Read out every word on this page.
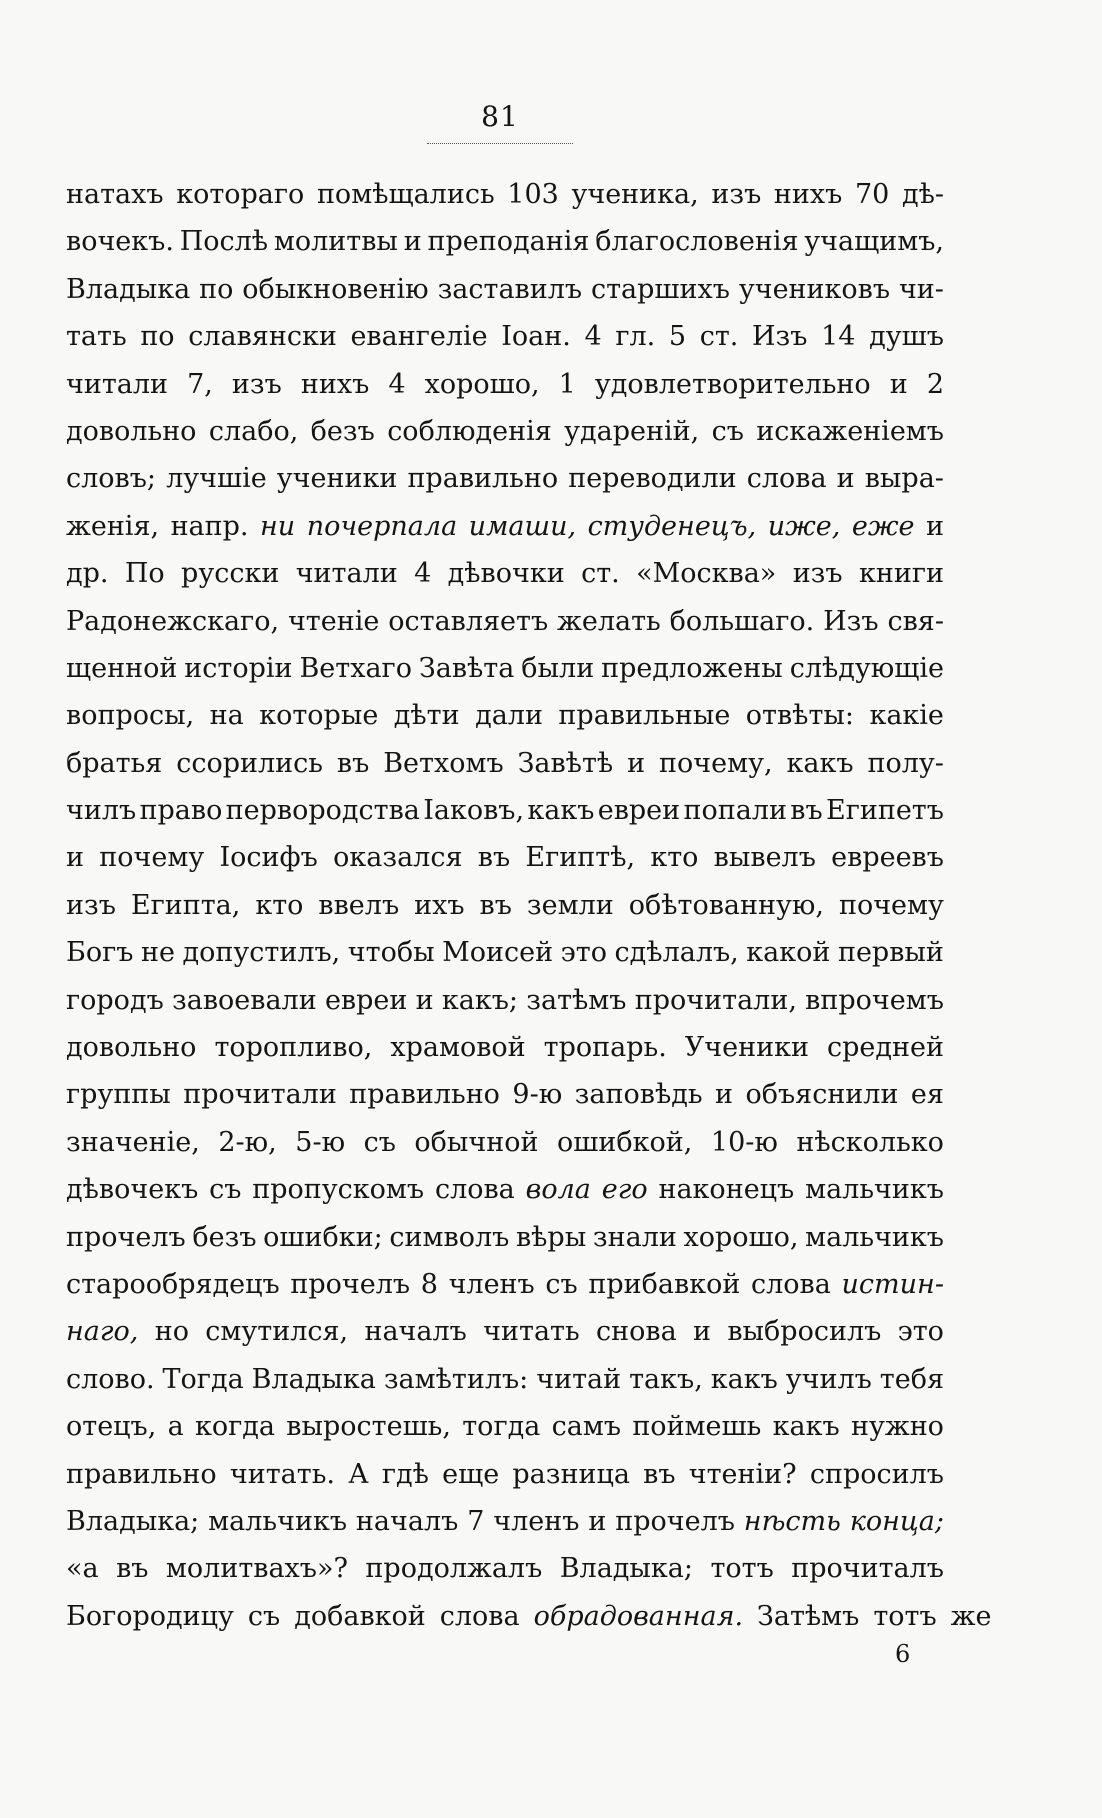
81
натахъ котораго помѣщались 103 ученика, изъ нихъ 70 дѣ-
вочекъ. Послѣ молитвы и преподанія благословенія учащимъ,
Владыка по обыкновенію заставилъ старшихъ учениковъ чи-
тать по славянски евангеліе Іоан. 4 гл. 5 ст. Изъ 14 душъ
читали 7, изъ нихъ 4 хорошо, 1 удовлетворительно и 2
довольно слабо, безъ соблюденія удареній, съ искаженіемъ
словъ; лучшіе ученики правильно переводили слова и выра-
женія, напр. ни почерпала имаши, студенецъ, иже, еже и
др. По русски читали 4 дѣвочки ст. «Москва» изъ книги
Радонежскаго, чтеніе оставляетъ желать большаго. Изъ свя-
щенной исторіи Ветхаго Завѣта были предложены слѣдующіе
вопросы, на которые дѣти дали правильные отвѣты: какіе
братья ссорились въ Ветхомъ Завѣтѣ и почему, какъ полу-
чилъ право первородства Іаковъ, какъ евреи попали въ Египетъ
и почему Іосифъ оказался въ Египтѣ, кто вывелъ евреевъ
изъ Египта, кто ввелъ ихъ въ земли обѣтованную, почему
Богъ не допустилъ, чтобы Моисей это сдѣлалъ, какой первый
городъ завоевали евреи и какъ; затѣмъ прочитали, впрочемъ
довольно торопливо, храмовой тропарь. Ученики средней
группы прочитали правильно 9-ю заповѣдь и объяснили ея
значеніе, 2-ю, 5-ю съ обычной ошибкой, 10-ю нѣсколько
дѣвочекъ съ пропускомъ слова вола его наконецъ мальчикъ
прочелъ безъ ошибки; символъ вѣры знали хорошо, мальчикъ
старообрядецъ прочелъ 8 членъ съ прибавкой слова истин-
наго, но смутился, началъ читать снова и выбросилъ это
слово. Тогда Владыка замѣтилъ: читай такъ, какъ училъ тебя
отецъ, а когда выростешь, тогда самъ поймешь какъ нужно
правильно читать. А гдѣ еще разница въ чтеніи? спросилъ
Владыка; мальчикъ началъ 7 членъ и прочелъ нѣсть конца;
«а въ молитвахъ»? продолжалъ Владыка; тотъ прочиталъ
Богородицу съ добавкой слова обрадованная. Затѣмъ тотъ же
6
